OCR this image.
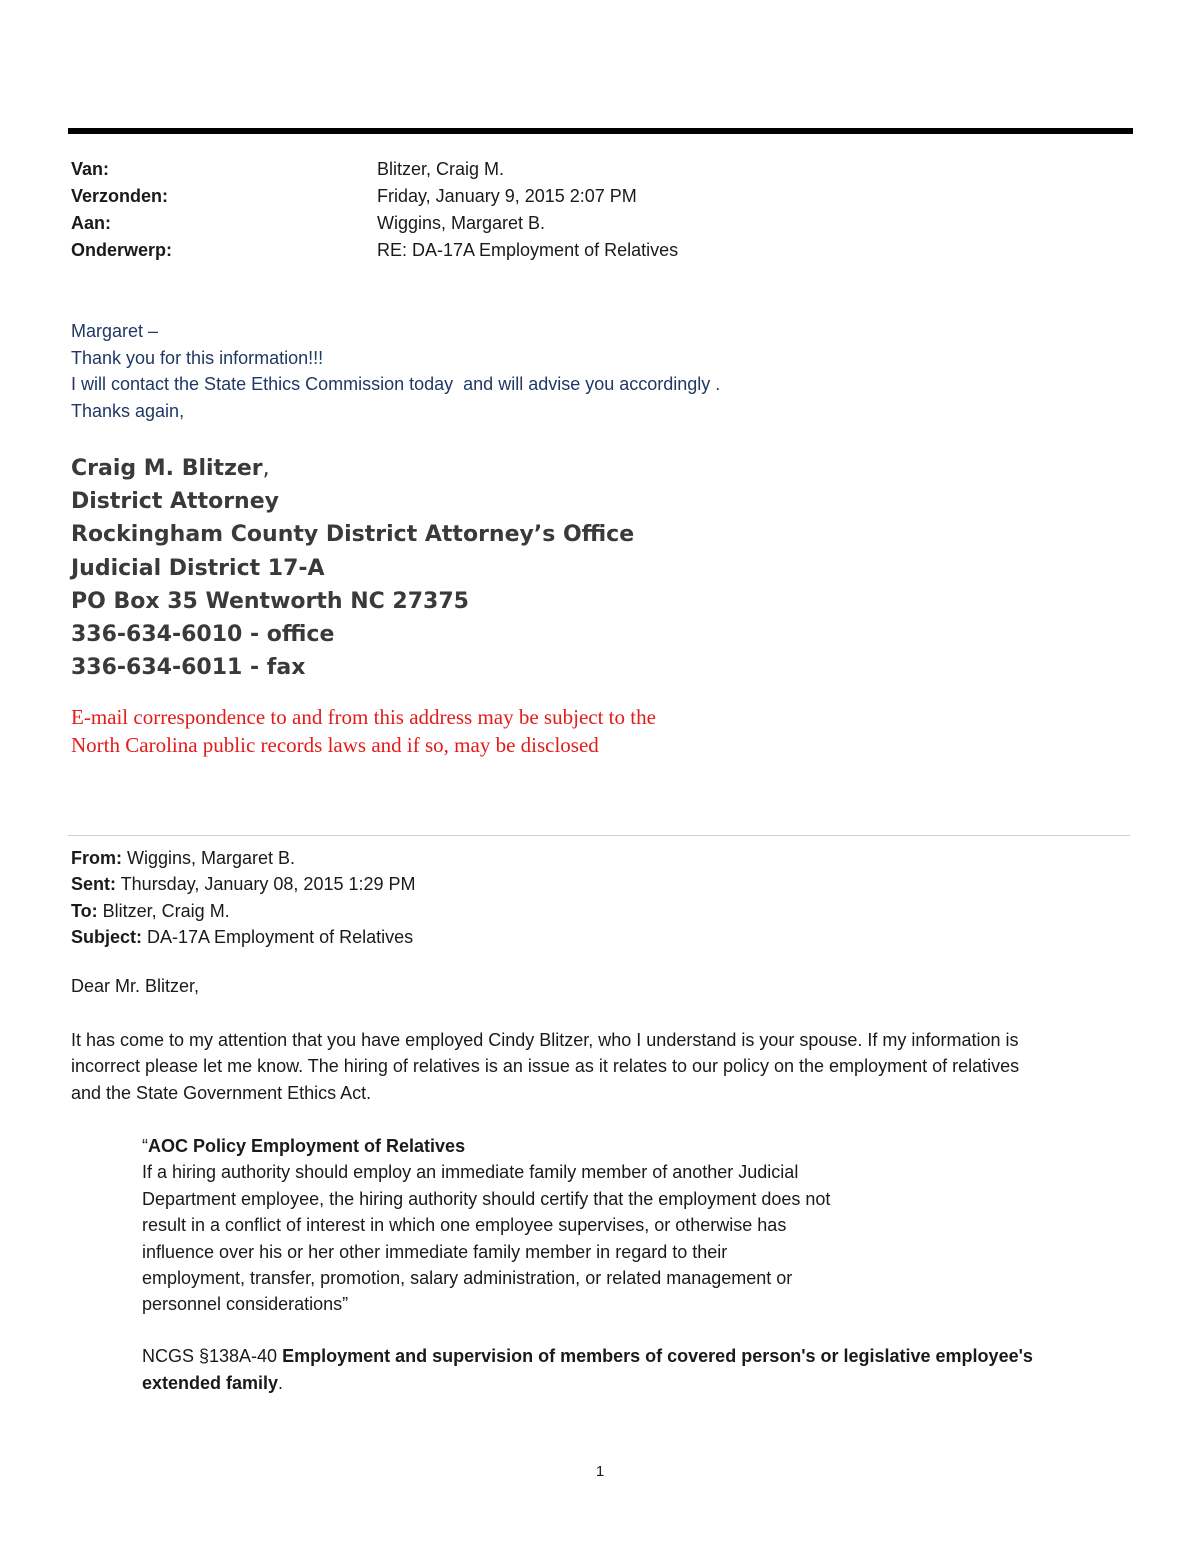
Van:	Blitzer, Craig M.
Verzonden:	Friday, January 9, 2015 2:07 PM
Aan:	Wiggins, Margaret B.
Onderwerp:	RE: DA-17A Employment of Relatives
Margaret –
Thank you for this information!!!
I will contact the State Ethics Commission today  and will advise you accordingly .
Thanks again,
Craig M. Blitzer,
District Attorney
Rockingham County District Attorney’s Office
Judicial District 17-A
PO Box 35 Wentworth NC 27375
336-634-6010 - office
336-634-6011 - fax
E-mail correspondence to and from this address may be subject to the
North Carolina public records laws and if so, may be disclosed
From: Wiggins, Margaret B.
Sent: Thursday, January 08, 2015 1:29 PM
To: Blitzer, Craig M.
Subject: DA-17A Employment of Relatives
Dear Mr. Blitzer,
It has come to my attention that you have employed Cindy Blitzer, who I understand is your spouse. If my information is
incorrect please let me know. The hiring of relatives is an issue as it relates to our policy on the employment of relatives
and the State Government Ethics Act.
“AOC Policy Employment of Relatives
If a hiring authority should employ an immediate family member of another Judicial
Department employee, the hiring authority should certify that the employment does not
result in a conflict of interest in which one employee supervises, or otherwise has
influence over his or her other immediate family member in regard to their
employment, transfer, promotion, salary administration, or related management or
personnel considerations”
NCGS §138A-40 Employment and supervision of members of covered person's or legislative employee's
extended family.
1
